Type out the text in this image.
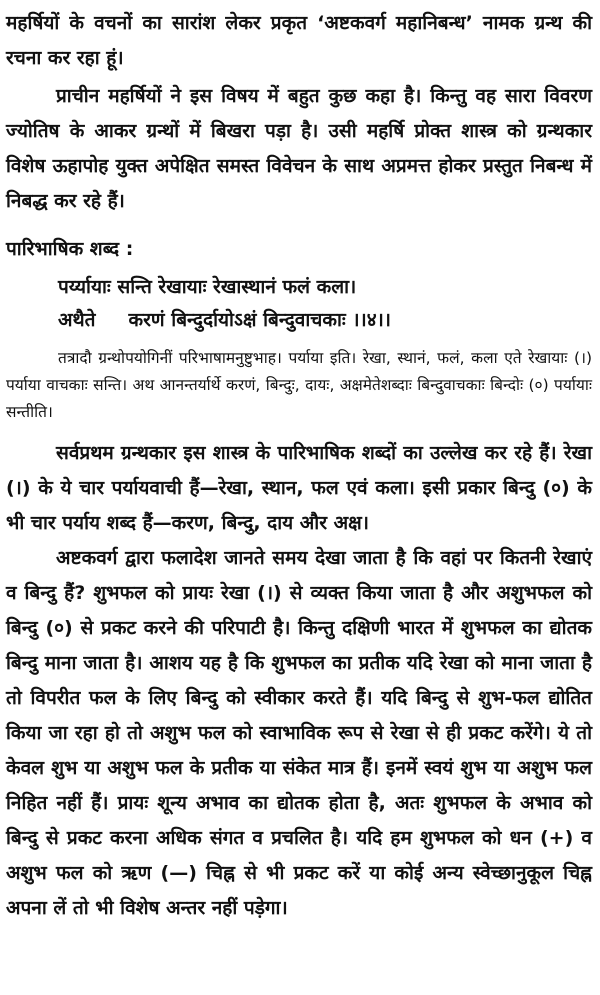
महर्षियों के वचनों का सारांश लेकर प्रकृत ‘अष्टकवर्ग महानिबन्ध’ नामक ग्रन्थ की रचना कर रहा हूं।

प्राचीन महर्षियों ने इस विषय में बहुत कुछ कहा है। किन्तु वह सारा विवरण ज्योतिष के आकर ग्रन्थों में बिखरा पड़ा है। उसी महर्षि प्रोक्त शास्त्र को ग्रन्थकार विशेष ऊहापोह युक्त अपेक्षित समस्त विवेचन के साथ अप्रमत्त होकर प्रस्तुत निबन्ध में निबद्ध कर रहे हैं।

पारिभाषिक शब्द :
पर्य्यायाः सन्ति रेखायाः रेखास्थानं फलं कला।
अथैते     करणं बिन्दुर्दायोऽक्षं बिन्दुवाचकाः ।।४।।

तत्रादौ ग्रन्थोपयोगिनीं परिभाषामनुष्टुभाह। पर्याया इति। रेखा, स्थानं, फलं, कला एते रेखायाः (।) पर्याया वाचकाः सन्ति। अथ आनन्तर्यार्थे करणं, बिन्दुः, दायः, अक्षमेतेशब्दाः बिन्दुवाचकाः बिन्दोः (०) पर्यायाः सन्तीति।

सर्वप्रथम ग्रन्थकार इस शास्त्र के पारिभाषिक शब्दों का उल्लेख कर रहे हैं। रेखा (।) के ये चार पर्यायवाची हैं—रेखा, स्थान, फल एवं कला। इसी प्रकार बिन्दु (०) के भी चार पर्याय शब्द हैं—करण, बिन्दु, दाय और अक्ष।

अष्टकवर्ग द्वारा फलादेश जानते समय देखा जाता है कि वहां पर कितनी रेखाएं व बिन्दु हैं? शुभफल को प्रायः रेखा (।) से व्यक्त किया जाता है और अशुभफल को बिन्दु (०) से प्रकट करने की परिपाटी है। किन्तु दक्षिणी भारत में शुभफल का द्योतक बिन्दु माना जाता है। आशय यह है कि शुभफल का प्रतीक यदि रेखा को माना जाता है तो विपरीत फल के लिए बिन्दु को स्वीकार करते हैं। यदि बिन्दु से शुभ-फल द्योतित किया जा रहा हो तो अशुभ फल को स्वाभाविक रूप से रेखा से ही प्रकट करेंगे। ये तो केवल शुभ या अशुभ फल के प्रतीक या संकेत मात्र हैं। इनमें स्वयं शुभ या अशुभ फल निहित नहीं हैं। प्रायः शून्य अभाव का द्योतक होता है, अतः शुभफल के अभाव को बिन्दु से प्रकट करना अधिक संगत व प्रचलित है। यदि हम शुभफल को धन (+) व अशुभ फल को ऋण (—) चिह्न से भी प्रकट करें या कोई अन्य स्वेच्छानुकूल चिह्न अपना लें तो भी विशेष अन्तर नहीं पड़ेगा।
